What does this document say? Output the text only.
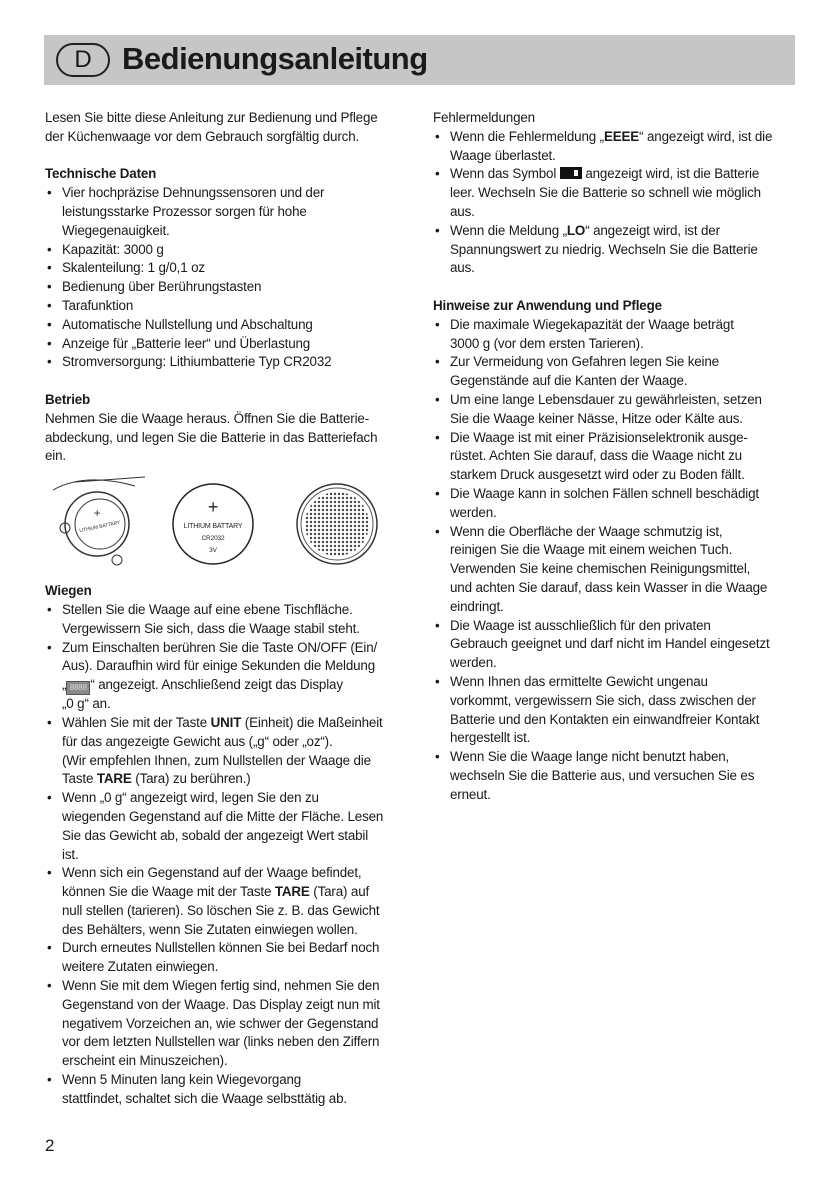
D Bedienungsanleitung
Lesen Sie bitte diese Anleitung zur Bedienung und Pflege
der Küchenwaage vor dem Gebrauch sorgfältig durch.
Technische Daten
• Vier hochpräzise Dehnungssensoren und der
leistungsstarke Prozessor sorgen für hohe
Wiegegenauigkeit.
• Kapazität: 3000 g
• Skalenteilung: 1 g/0,1 oz
• Bedienung über Berührungstasten
• Tarafunktion
• Automatische Nullstellung und Abschaltung
• Anzeige für „Batterie leer“ und Überlastung
• Stromversorgung: Lithiumbatterie Typ CR2032
Betrieb
Nehmen Sie die Waage heraus. Öffnen Sie die Batterie-
abdeckung, und legen Sie die Batterie in das Batteriefach
ein.
+
LITHIUM BATTARY
+
LITHIUM BATTARY
CR2032
3V
Wiegen
• Stellen Sie die Waage auf eine ebene Tischfläche.
Vergewissern Sie sich, dass die Waage stabil steht.
• Zum Einschalten berühren Sie die Taste ON/OFF (Ein/
Aus). Daraufhin wird für einige Sekunden die Meldung
„ 8888 “ angezeigt. Anschließend zeigt das Display
„0 g“ an.
• Wählen Sie mit der Taste UNIT (Einheit) die Maßeinheit
für das angezeigte Gewicht aus („g“ oder „oz“).
(Wir empfehlen Ihnen, zum Nullstellen der Waage die
Taste TARE (Tara) zu berühren.)
• Wenn „0 g“ angezeigt wird, legen Sie den zu
wiegenden Gegenstand auf die Mitte der Fläche. Lesen
Sie das Gewicht ab, sobald der angezeigt Wert stabil
ist.
• Wenn sich ein Gegenstand auf der Waage befindet,
können Sie die Waage mit der Taste TARE (Tara) auf
null stellen (tarieren). So löschen Sie z. B. das Gewicht
des Behälters, wenn Sie Zutaten einwiegen wollen.
• Durch erneutes Nullstellen können Sie bei Bedarf noch
weitere Zutaten einwiegen.
• Wenn Sie mit dem Wiegen fertig sind, nehmen Sie den
Gegenstand von der Waage. Das Display zeigt nun mit
negativem Vorzeichen an, wie schwer der Gegenstand
vor dem letzten Nullstellen war (links neben den Ziffern
erscheint ein Minuszeichen).
• Wenn 5 Minuten lang kein Wiegevorgang
stattfindet, schaltet sich die Waage selbsttätig ab.
Fehlermeldungen
• Wenn die Fehlermeldung „EEEE“ angezeigt wird, ist die
Waage überlastet.
• Wenn das Symbol  angezeigt wird, ist die Batterie
leer. Wechseln Sie die Batterie so schnell wie möglich
aus.
• Wenn die Meldung „LO“ angezeigt wird, ist der
Spannungswert zu niedrig. Wechseln Sie die Batterie
aus.
Hinweise zur Anwendung und Pflege
• Die maximale Wiegekapazität der Waage beträgt
3000 g (vor dem ersten Tarieren).
• Zur Vermeidung von Gefahren legen Sie keine
Gegenstände auf die Kanten der Waage.
• Um eine lange Lebensdauer zu gewährleisten, setzen
Sie die Waage keiner Nässe, Hitze oder Kälte aus.
• Die Waage ist mit einer Präzisionselektronik ausge-
rüstet. Achten Sie darauf, dass die Waage nicht zu
starkem Druck ausgesetzt wird oder zu Boden fällt.
• Die Waage kann in solchen Fällen schnell beschädigt
werden.
• Wenn die Oberfläche der Waage schmutzig ist,
reinigen Sie die Waage mit einem weichen Tuch.
Verwenden Sie keine chemischen Reinigungsmittel,
und achten Sie darauf, dass kein Wasser in die Waage
eindringt.
• Die Waage ist ausschließlich für den privaten
Gebrauch geeignet und darf nicht im Handel eingesetzt
werden.
• Wenn Ihnen das ermittelte Gewicht ungenau
vorkommt, vergewissern Sie sich, dass zwischen der
Batterie und den Kontakten ein einwandfreier Kontakt
hergestellt ist.
• Wenn Sie die Waage lange nicht benutzt haben,
wechseln Sie die Batterie aus, und versuchen Sie es
erneut.
2
